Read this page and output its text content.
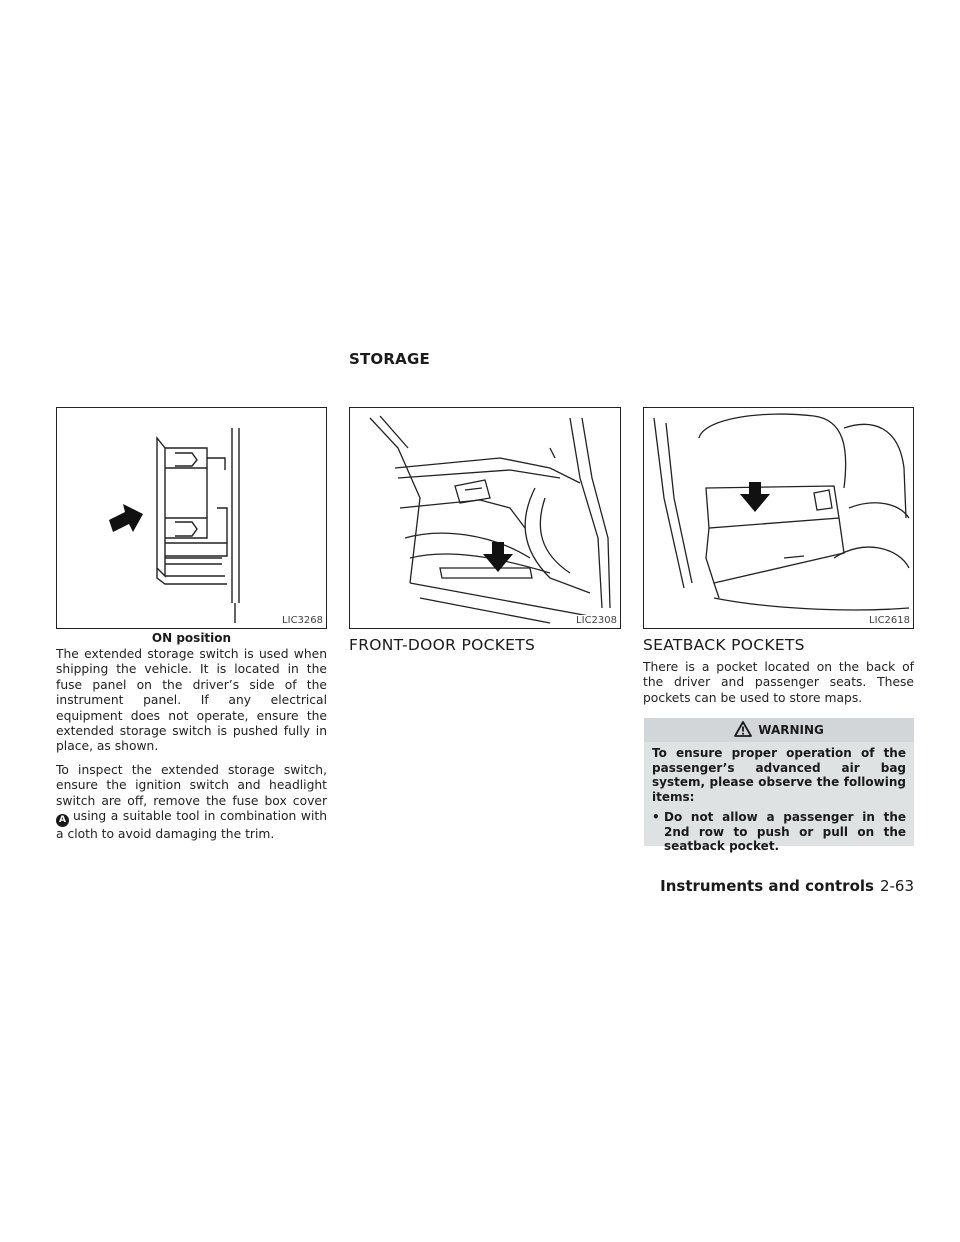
STORAGE
LIC3268
ON position
LIC2308	LIC2618

The extended storage switch is used when shipping the vehicle. It is located in the fuse panel on the driver’s side of the instrument panel. If any electrical equipment does not operate, ensure the extended storage switch is pushed fully in place, as shown.

To inspect the extended storage switch, ensure the ignition switch and headlight switch are off, remove the fuse box cover A using a suitable tool in combination with a cloth to avoid damaging the trim.

FRONT-DOOR POCKETS	SEATBACK POCKETS
There is a pocket located on the back of the driver and passenger seats. These pockets can be used to store maps.
WARNING

To ensure proper operation of the passenger’s advanced air bag system, please observe the following items:

• Do not allow a passenger in the 2nd row to push or pull on the seatback pocket.
Instruments and controls 2-63
